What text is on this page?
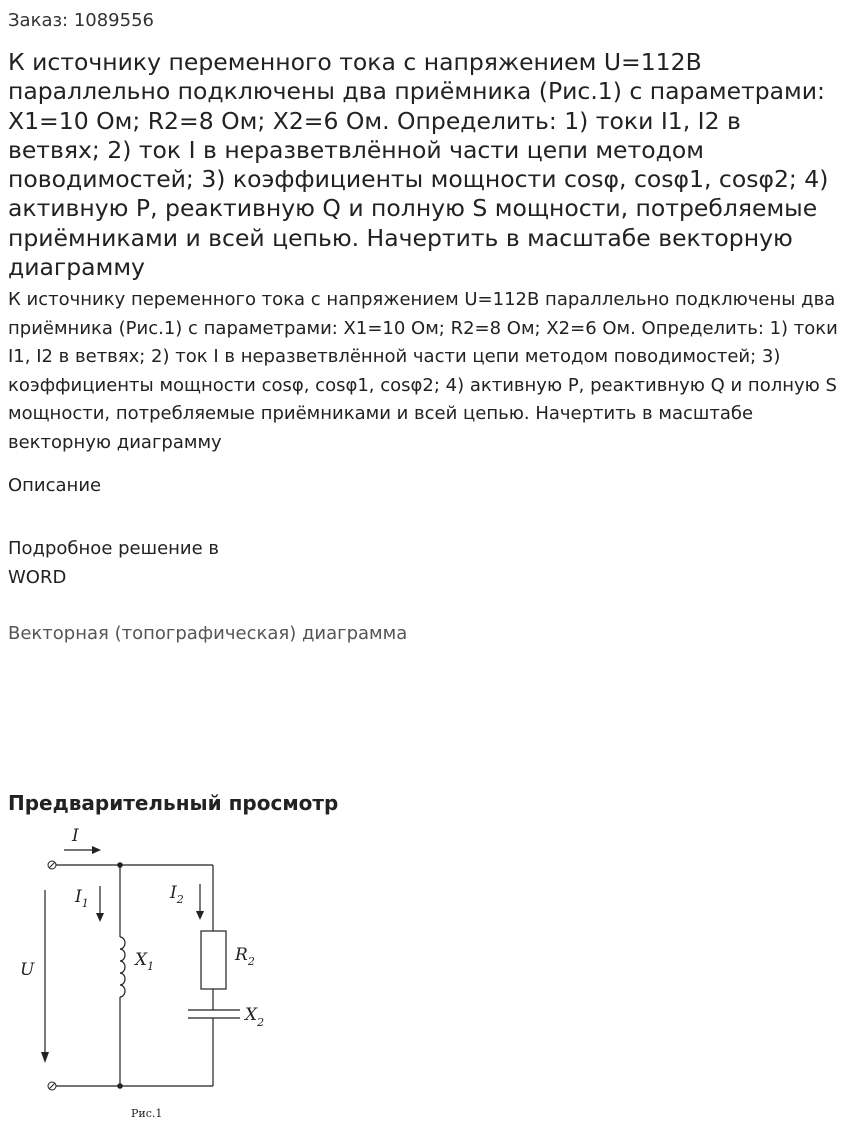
Заказ: 1089556
К источнику переменного тока с напряжением U=112В параллельно подключены два приёмника (Рис.1) с параметрами: X1=10 Ом; R2=8 Ом; X2=6 Ом. Определить: 1) токи I1, I2 в ветвях; 2) ток I в неразветвлённой части цепи методом поводимостей; 3) коэффициенты мощности cosφ, cosφ1, cosφ2; 4) активную P, реактивную Q и полную S мощности, потребляемые приёмниками и всей цепью. Начертить в масштабе векторную диаграмму

К источнику переменного тока с напряжением U=112В параллельно подключены два приёмника (Рис.1) с параметрами: X1=10 Ом; R2=8 Ом; X2=6 Ом. Определить: 1) токи I1, I2 в ветвях; 2) ток I в неразветвлённой части цепи методом поводимостей; 3) коэффициенты мощности cosφ, cosφ1, cosφ2; 4) активную P, реактивную Q и полную S мощности, потребляемые приёмниками и всей цепью. Начертить в масштабе векторную диаграмму

Описание
Подробное решение в WORD
Векторная (топографическая) диаграмма
Предварительный просмотр
I
$I_1$
$I_2$
U	$X_1$
$R_2$
$X_2$
Рис.1
